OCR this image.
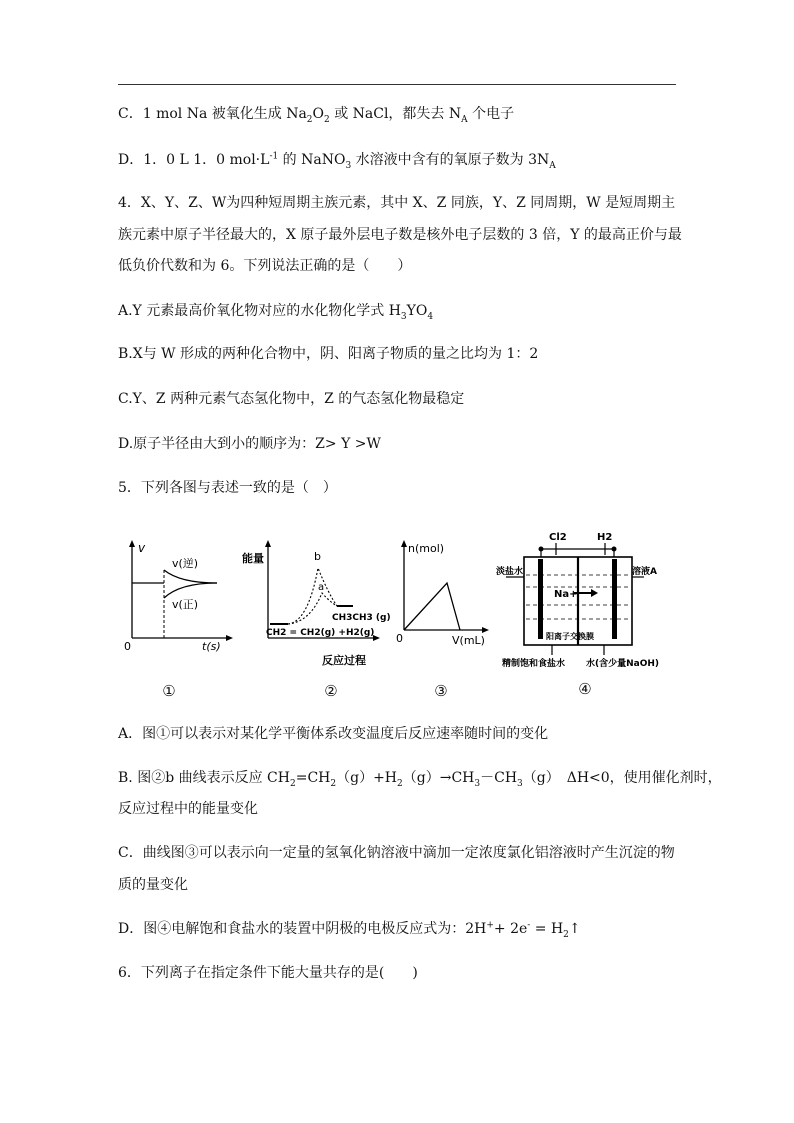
C．1 mol Na 被氧化生成 $Na_2O_2$ 或 NaCl，都失去 $N_A$ 个电子
D．1．0 L 1．0 $mol\cdot L^{-1}$ 的 NaNO$_3$ 水溶液中含有的氧原子数为 $3N_A$
4．X、Y、Z、W为四种短周期主族元素，其中 X、Z 同族，Y、Z 同周期，W 是短周期主
族元素中原子半径最大的，X 原子最外层电子数是核外电子层数的 3 倍，Y 的最高正价与最
低负价代数和为 6。下列说法正确的是（　　）
A.Y 元素最高价氧化物对应的水化物化学式 $H_3YO_4$
B.X与 W 形成的两种化合物中，阴、阳离子物质的量之比均为 1：2
C.Y、Z 两种元素气态氢化物中，Z 的气态氢化物最稳定
D.原子半径由大到小的顺序为：Z> Y >W
5．下列各图与表述一致的是（　）
v
0	t(s)
v(逆)
v(正)
①
能量	b
a
CH3CH3 (g)
CH2 = CH2(g) +H2(g)
反应过程
②
n(mol)
0	V(mL)
③
Cl2	H2
Na+
淡盐水	溶液A
阳离子交换膜
精制饱和食盐水 水(含少量NaOH)
④
A．图①可以表示对某化学平衡体系改变温度后反应速率随时间的变化
B. 图②b 曲线表示反应 $CH_2=CH_2(g)+H_2(g)\to CH_3-CH_3(g)$　ΔH<0，使用催化剂时，
反应过程中的能量变化
C．曲线图③可以表示向一定量的氢氧化钠溶液中滴加一定浓度氯化铝溶液时产生沉淀的物
质的量变化
D．图④电解饱和食盐水的装置中阴极的电极反应式为：$2H^++ 2e^- = H_2↑$
6．下列离子在指定条件下能大量共存的是(　　)
